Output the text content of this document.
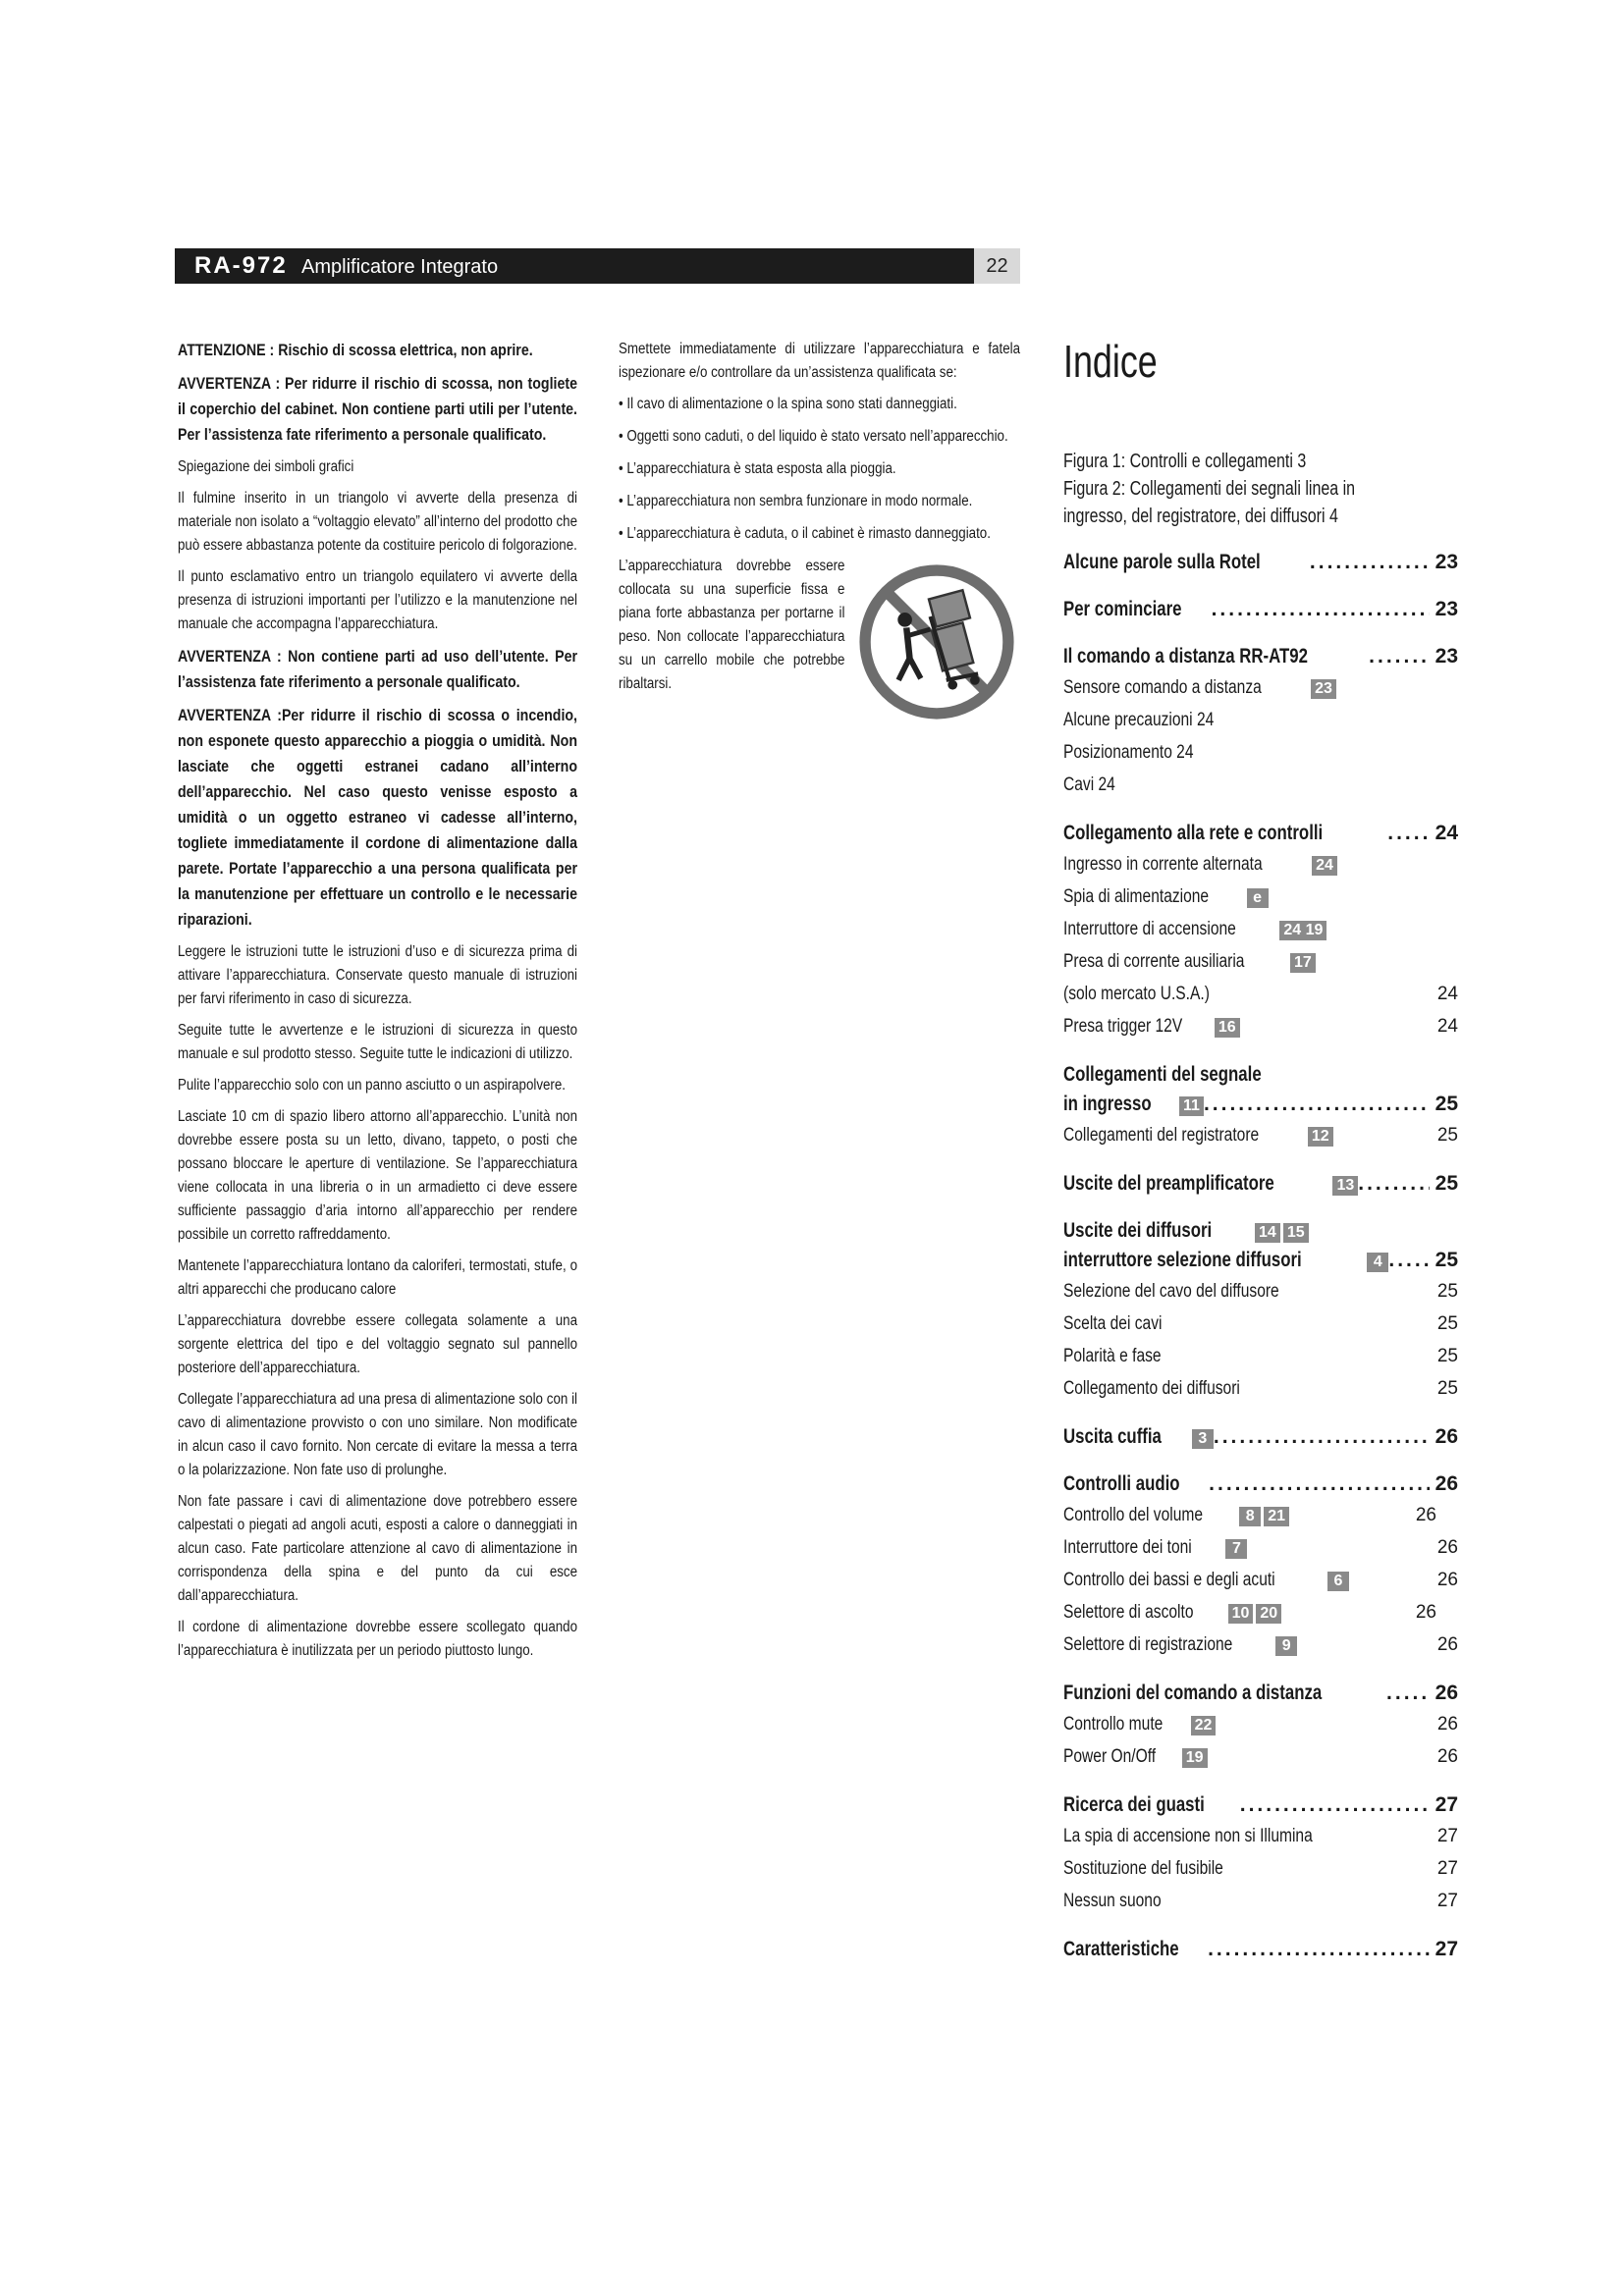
RA-972 Amplificatore Integrato	22
ATTENZIONE : Rischio di scossa elettrica, non aprire.
AVVERTENZA : Per ridurre il rischio di scossa, non togliete il coperchio del cabinet. Non contiene parti utili per l’utente. Per l’assistenza fate riferimento a personale qualificato.
Spiegazione dei simboli grafici
Il fulmine inserito in un triangolo vi avverte della presenza di materiale non isolato a “voltaggio elevato” all’interno del prodotto che può essere abbastanza potente da costituire pericolo di folgorazione.
Il punto esclamativo entro un triangolo equilatero vi avverte della presenza di istruzioni importanti per l’utilizzo e la manutenzione nel manuale che accompagna l’apparecchiatura.
AVVERTENZA : Non contiene parti ad uso dell’utente. Per l’assistenza fate riferimento a personale qualificato.
AVVERTENZA :Per ridurre il rischio di scossa o incendio, non esponete questo apparecchio a pioggia o umidità. Non lasciate che oggetti estranei cadano all’interno dell’apparecchio. Nel caso questo venisse esposto a umidità o un oggetto estraneo vi cadesse all’interno, togliete immediatamente il cordone di alimentazione dalla parete. Portate l’apparecchio a una persona qualificata per la manutenzione per effettuare un controllo e le necessarie riparazioni.
Leggere le istruzioni tutte le istruzioni d’uso e di sicurezza prima di attivare l’apparecchiatura. Conservate questo manuale di istruzioni per farvi riferimento in caso di sicurezza.
Seguite tutte le avvertenze e le istruzioni di sicurezza in questo manuale e sul prodotto stesso. Seguite tutte le indicazioni di utilizzo.
Pulite l’apparecchio solo con un panno asciutto o un aspirapolvere.
Lasciate 10 cm di spazio libero attorno all’apparecchio. L’unità non dovrebbe essere posta su un letto, divano, tappeto, o posti che possano bloccare le aperture di ventilazione. Se l’apparecchiatura viene collocata in una libreria o in un armadietto ci deve essere sufficiente passaggio d’aria intorno all’apparecchio per rendere possibile un corretto raffreddamento.
Mantenete l’apparecchiatura lontano da caloriferi, termostati, stufe, o altri apparecchi che producano calore
L’apparecchiatura dovrebbe essere collegata solamente a una sorgente elettrica del tipo e del voltaggio segnato sul pannello posteriore dell’apparecchiatura.
Collegate l’apparecchiatura ad una presa di alimentazione solo con il cavo di alimentazione provvisto o con uno similare. Non modificate in alcun caso il cavo fornito. Non cercate di evitare la messa a terra o la polarizzazione. Non fate uso di prolunghe.
Non fate passare i cavi di alimentazione dove potrebbero essere calpestati o piegati ad angoli acuti, esposti a calore o danneggiati in alcun caso. Fate particolare attenzione al cavo di alimentazione in corrispondenza della spina e del punto da cui esce dall’apparecchiatura.
Il cordone di alimentazione dovrebbe essere scollegato quando l’apparecchiatura è inutilizzata per un periodo piuttosto lungo.
Smettete immediatamente di utilizzare l’apparecchiatura e fatela ispezionare e/o controllare da un’assistenza qualificata se:
• Il cavo di alimentazione o la spina sono stati danneggiati.
• Oggetti sono caduti, o del liquido è stato versato nell’apparecchio.
• L’apparecchiatura è stata esposta alla pioggia.
• L’apparecchiatura non sembra funzionare in modo normale.
• L’apparecchiatura è caduta, o il cabinet è rimasto danneggiato.
L’apparecchiatura dovrebbe essere collocata su una superficie fissa e piana forte abbastanza per portarne il peso. Non collocate l’apparecchiatura su un carrello mobile che potrebbe ribaltarsi.
Indice
Figura 1: Controlli e collegamenti 3
Figura 2: Collegamenti dei segnali linea in
ingresso, del registratore, dei diffusori 4
Alcune parole sulla Rotel .....	23
Per cominciare .....	23
Il comando a distanza RR-AT92 .....	23
Sensore comando a distanza	23
Alcune precauzioni 24
Posizionamento 24
Cavi 24
Collegamento alla rete e controlli .....	24
Ingresso in corrente alternata	24
Spia di alimentazione	e
Interruttore di accensione	24 19
Presa di corrente ausiliaria	17
(solo mercato U.S.A.)	24
Presa trigger 12V 16	24
Collegamenti del segnale
in ingresso 11 .....	25
Collegamenti del registratore	12	25
Uscite del preamplificatore	13 .....	25
Uscite dei diffusori	14 15
interruttore selezione diffusori	4 .....	25
Selezione del cavo del diffusore	25
Scelta dei cavi	25
Polarità e fase	25
Collegamento dei diffusori	25
Uscita cuffia	3 .....	26
Controlli audio .....	26
Controllo del volume	8 21	26
Interruttore dei toni	7	26
Controllo dei bassi e degli acuti	6	26
Selettore di ascolto 10 20	26
Selettore di registrazione	9	26
Funzioni del comando a distanza .....	26
Controllo mute 22	26
Power On/Off 19	26
Ricerca dei guasti .....	27
La spia di accensione non si Illumina	27
Sostituzione del fusibile	27
Nessun suono	27
Caratteristiche .....	27
